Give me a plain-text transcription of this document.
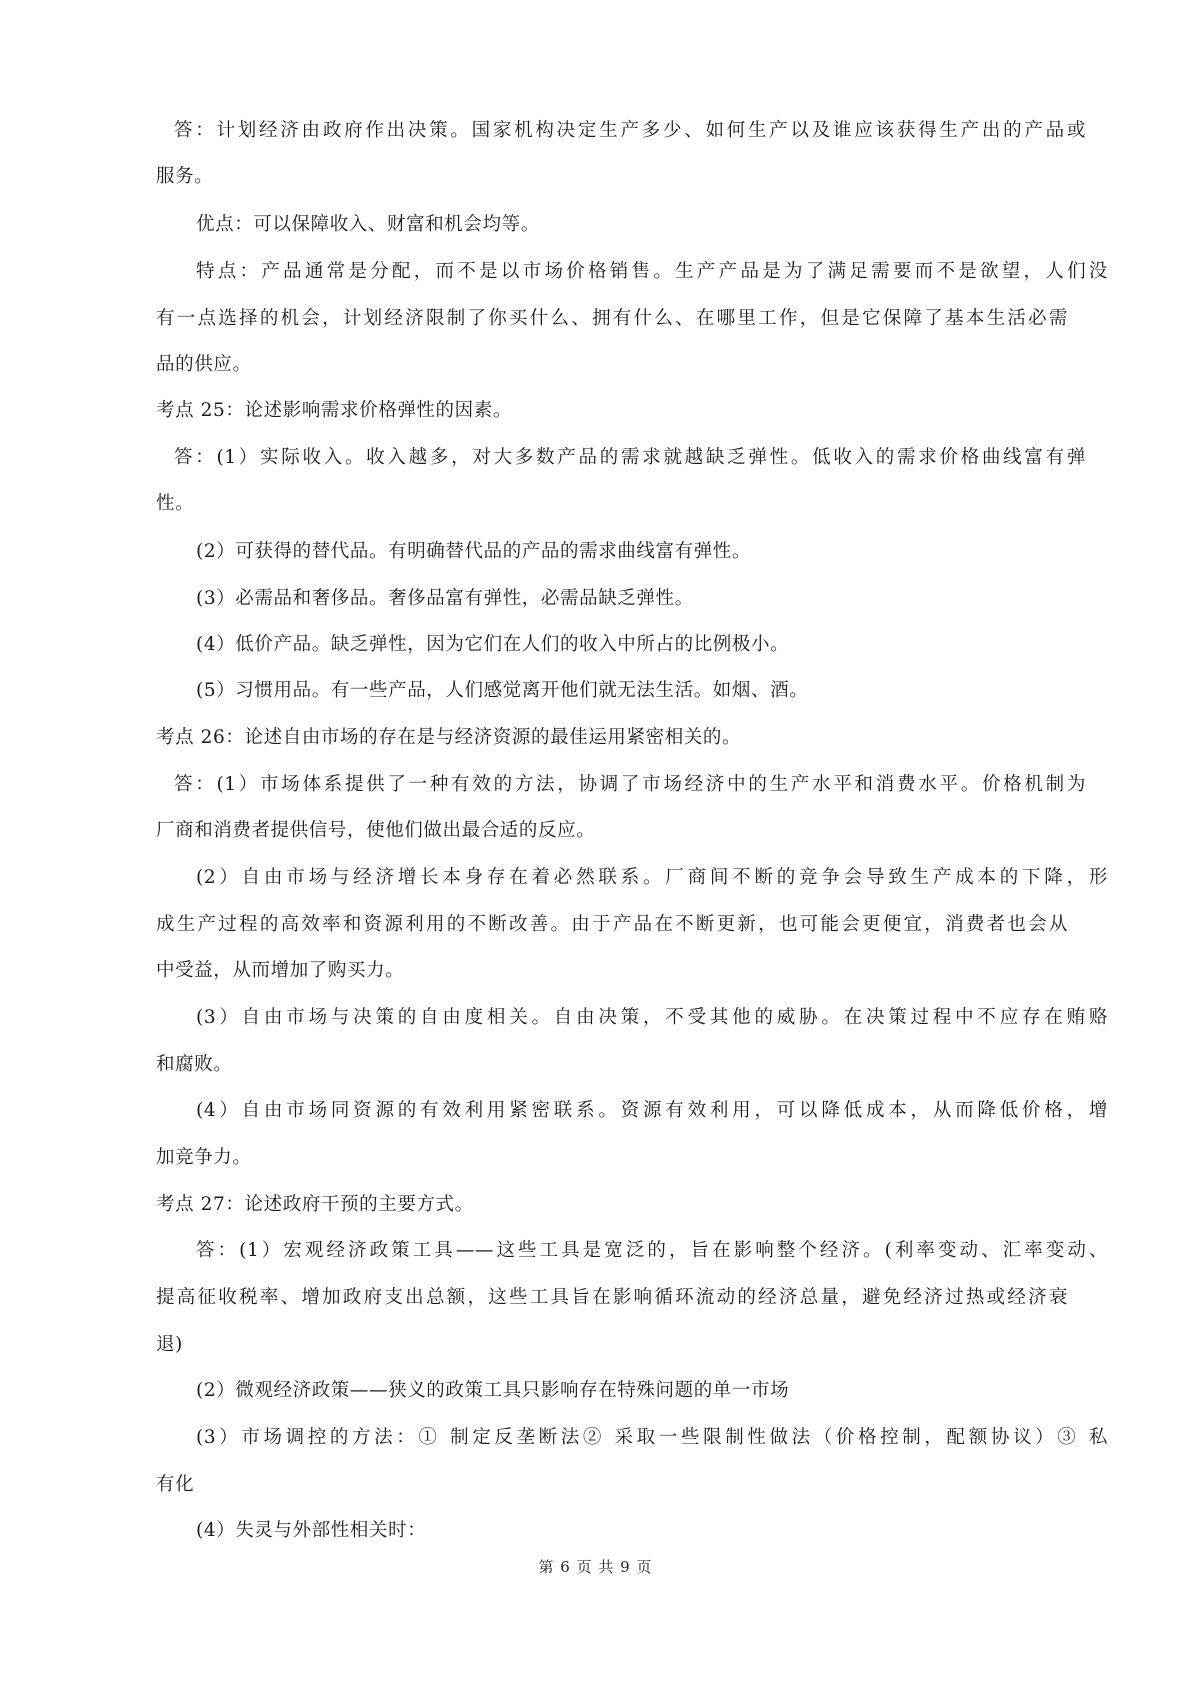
答：计划经济由政府作出决策。国家机构决定生产多少、如何生产以及谁应该获得生产出的产品或
服务。
优点：可以保障收入、财富和机会均等。
特点：产品通常是分配，而不是以市场价格销售。生产产品是为了满足需要而不是欲望，人们没
有一点选择的机会，计划经济限制了你买什么、拥有什么、在哪里工作，但是它保障了基本生活必需
品的供应。
考点 25：论述影响需求价格弹性的因素。
答：(1）实际收入。收入越多，对大多数产品的需求就越缺乏弹性。低收入的需求价格曲线富有弹
性。
(2）可获得的替代品。有明确替代品的产品的需求曲线富有弹性。
(3）必需品和奢侈品。奢侈品富有弹性，必需品缺乏弹性。
(4）低价产品。缺乏弹性，因为它们在人们的收入中所占的比例极小。
(5）习惯用品。有一些产品，人们感觉离开他们就无法生活。如烟、酒。
考点 26：论述自由市场的存在是与经济资源的最佳运用紧密相关的。
答：(1）市场体系提供了一种有效的方法，协调了市场经济中的生产水平和消费水平。价格机制为
厂商和消费者提供信号，使他们做出最合适的反应。
(2）自由市场与经济增长本身存在着必然联系。厂商间不断的竞争会导致生产成本的下降，形
成生产过程的高效率和资源利用的不断改善。由于产品在不断更新，也可能会更便宜，消费者也会从
中受益，从而增加了购买力。
(3）自由市场与决策的自由度相关。自由决策，不受其他的威胁。在决策过程中不应存在贿赂
和腐败。
(4）自由市场同资源的有效利用紧密联系。资源有效利用，可以降低成本，从而降低价格，增
加竞争力。
考点 27：论述政府干预的主要方式。
答：(1）宏观经济政策工具——这些工具是宽泛的，旨在影响整个经济。(利率变动、汇率变动、
提高征收税率、增加政府支出总额，这些工具旨在影响循环流动的经济总量，避免经济过热或经济衰
退)
(2）微观经济政策——狭义的政策工具只影响存在特殊问题的单一市场
(3）市场调控的方法：① 制定反垄断法② 采取一些限制性做法（价格控制，配额协议）③ 私
有化
(4）失灵与外部性相关时：
第 6 页 共 9 页
